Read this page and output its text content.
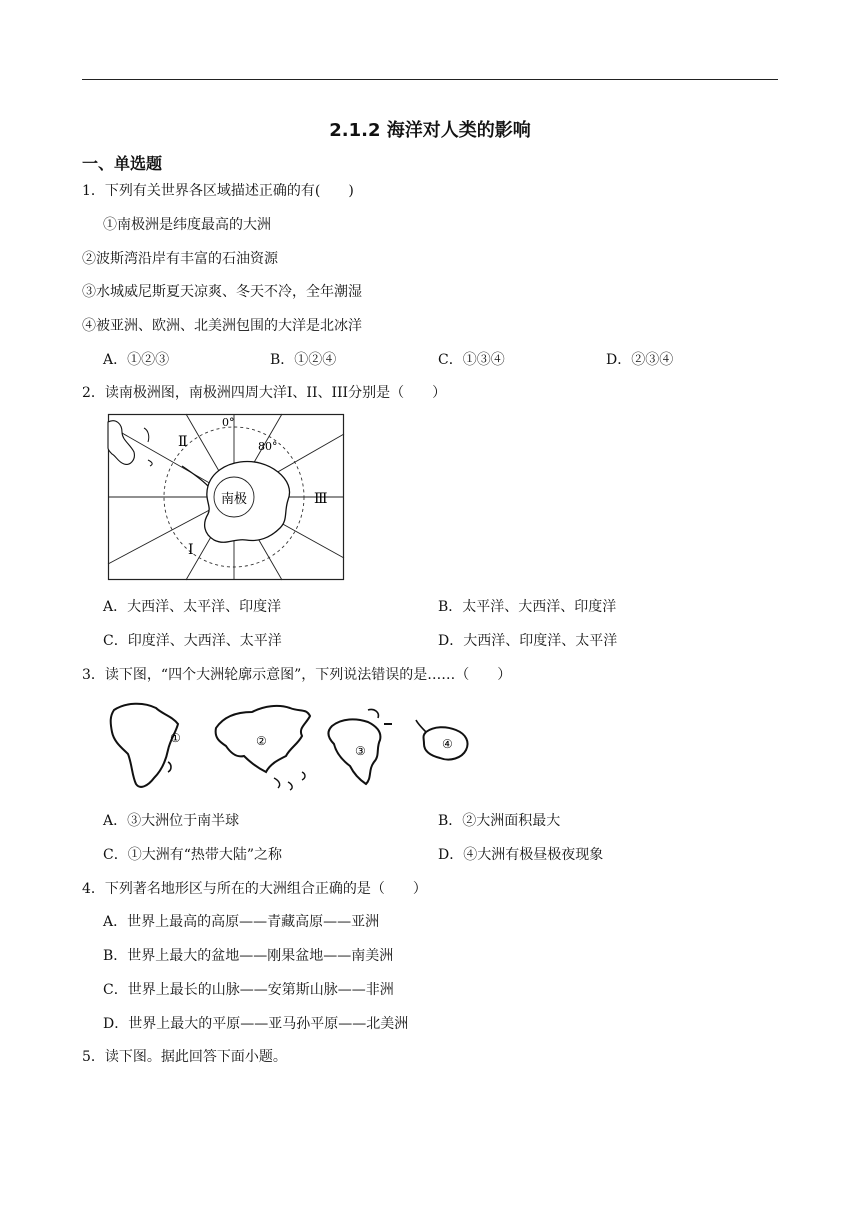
2.1.2 海洋对人类的影响
一、单选题
1．下列有关世界各区域描述正确的有(　　)
①南极洲是纬度最高的大洲
②波斯湾沿岸有丰富的石油资源
③水城威尼斯夏天凉爽、冬天不冷，全年潮湿
④被亚洲、欧洲、北美洲包围的大洋是北冰洋
A．①②③	B．①②④	C．①③④	D．②③④
2．读南极洲图，南极洲四周大洋I、II、III分别是（　　）
0°
80°
南极
Ⅱ
Ⅲ
Ⅰ
A．大西洋、太平洋、印度洋	B．太平洋、大西洋、印度洋
C．印度洋、大西洋、太平洋	D．大西洋、印度洋、太平洋
3．读下图，“四个大洲轮廓示意图”，下列说法错误的是……（　　）
①	②
③	④
A．③大洲位于南半球	B．②大洲面积最大
C．①大洲有“热带大陆”之称	D．④大洲有极昼极夜现象
4．下列著名地形区与所在的大洲组合正确的是（　　）
A．世界上最高的高原——青藏高原——亚洲
B．世界上最大的盆地——刚果盆地——南美洲
C．世界上最长的山脉——安第斯山脉——非洲
D．世界上最大的平原——亚马孙平原——北美洲
5．读下图。据此回答下面小题。
